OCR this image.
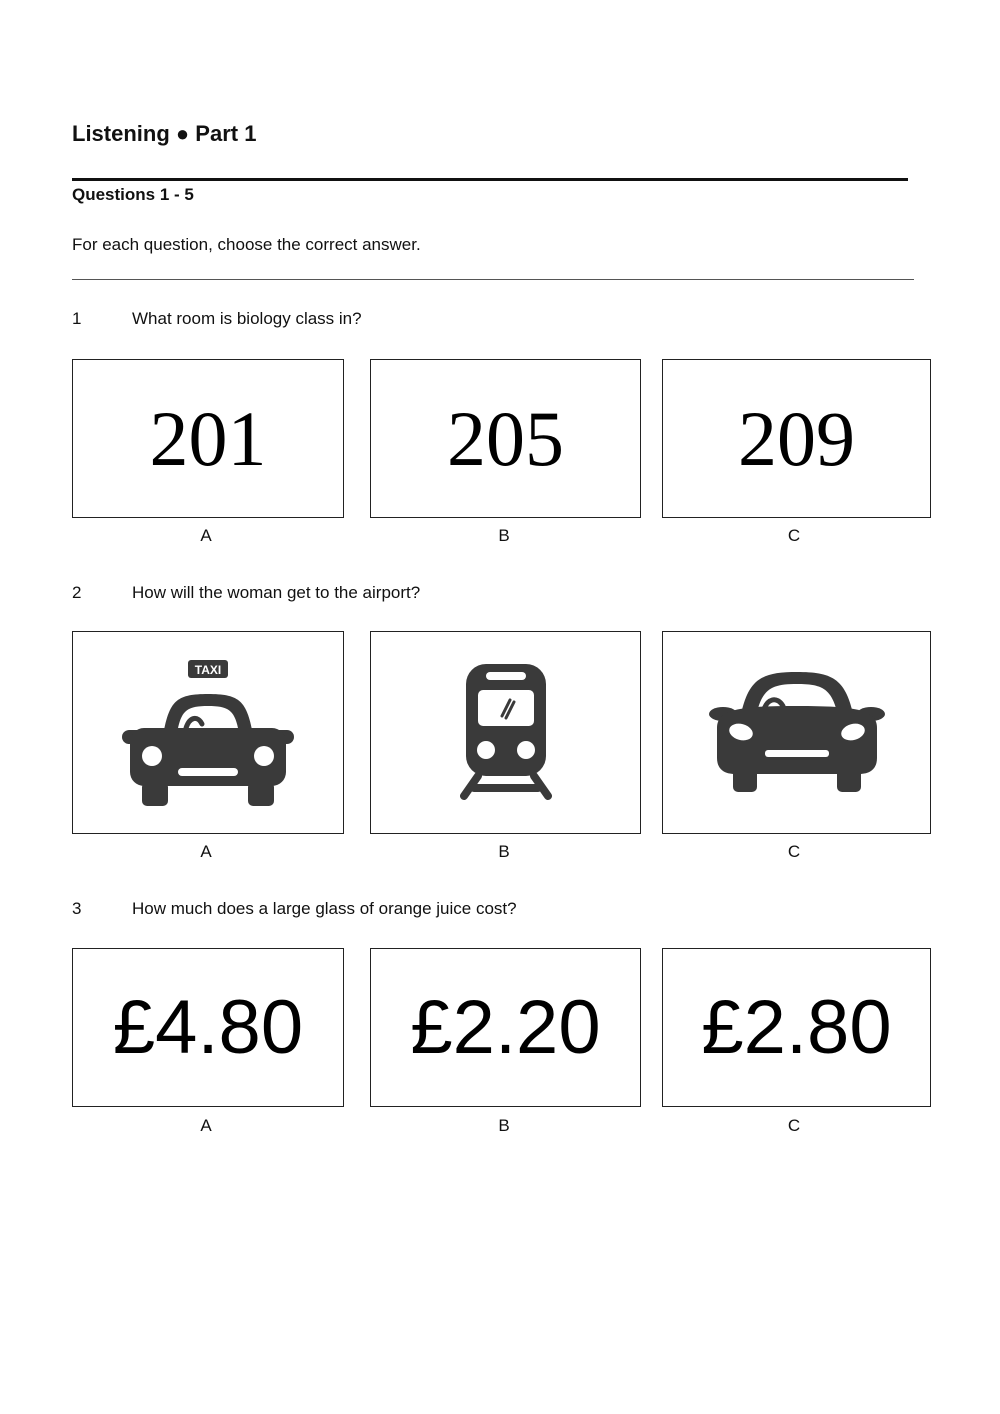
Listening ● Part 1
Questions 1 - 5
For each question, choose the correct answer.
1	What room is biology class in?
201 205 209
A	B	C
2	How will the woman get to the airport?
TAXI
A	B	C
3	How much does a large glass of orange juice cost?
£4.80 £2.20 £2.80
A	B	C
